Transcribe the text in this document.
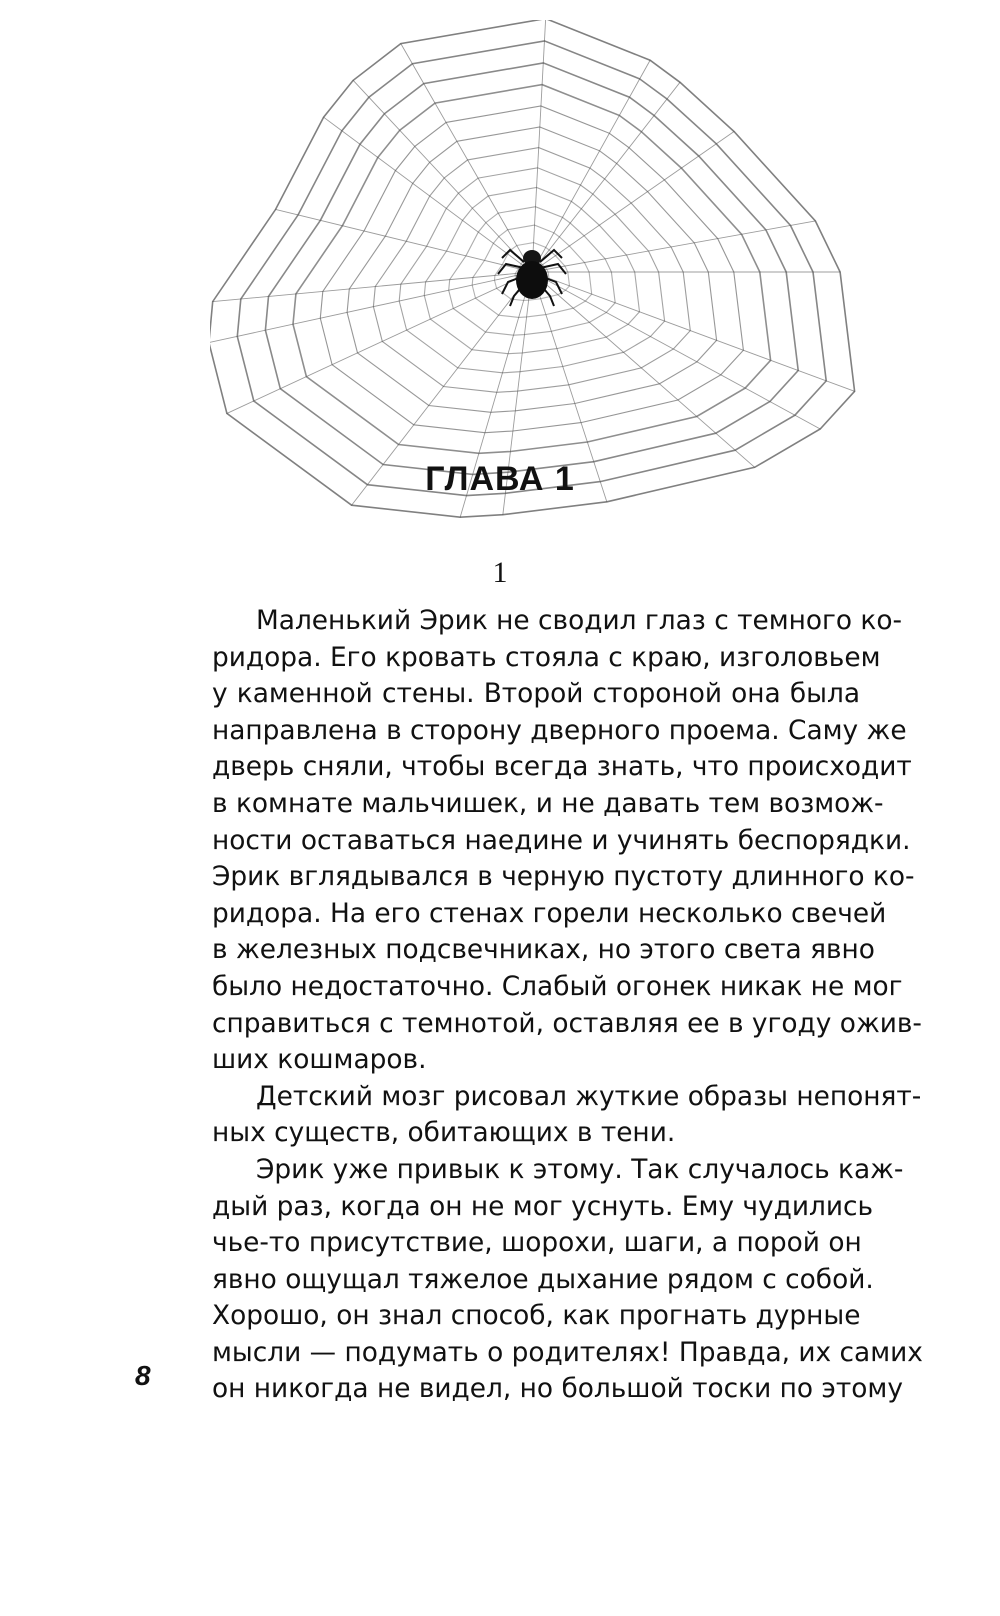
ГЛАВА 1
1

Маленький Эрик не сводил глаз с темного ко-
ридора. Его кровать стояла с краю, изголовьем
у каменной стены. Второй стороной она была
направлена в сторону дверного проема. Саму же
дверь сняли, чтобы всегда знать, что происходит
в комнате мальчишек, и не давать тем возмож-
ности оставаться наедине и учинять беспорядки.
Эрик вглядывался в черную пустоту длинного ко-
ридора. На его стенах горели несколько свечей
в железных подсвечниках, но этого света явно
было недостаточно. Слабый огонек никак не мог
справиться с темнотой, оставляя ее в угоду ожив-
ших кошмаров.

Детский мозг рисовал жуткие образы непонят-
ных существ, обитающих в тени.

Эрик уже привык к этому. Так случалось каж-
дый раз, когда он не мог уснуть. Ему чудились
чье-то присутствие, шорохи, шаги, а порой он
явно ощущал тяжелое дыхание рядом с собой.
Хорошо, он знал способ, как прогнать дурные
мысли — подумать о родителях! Правда, их самих
он никогда не видел, но большой тоски по этому

8
